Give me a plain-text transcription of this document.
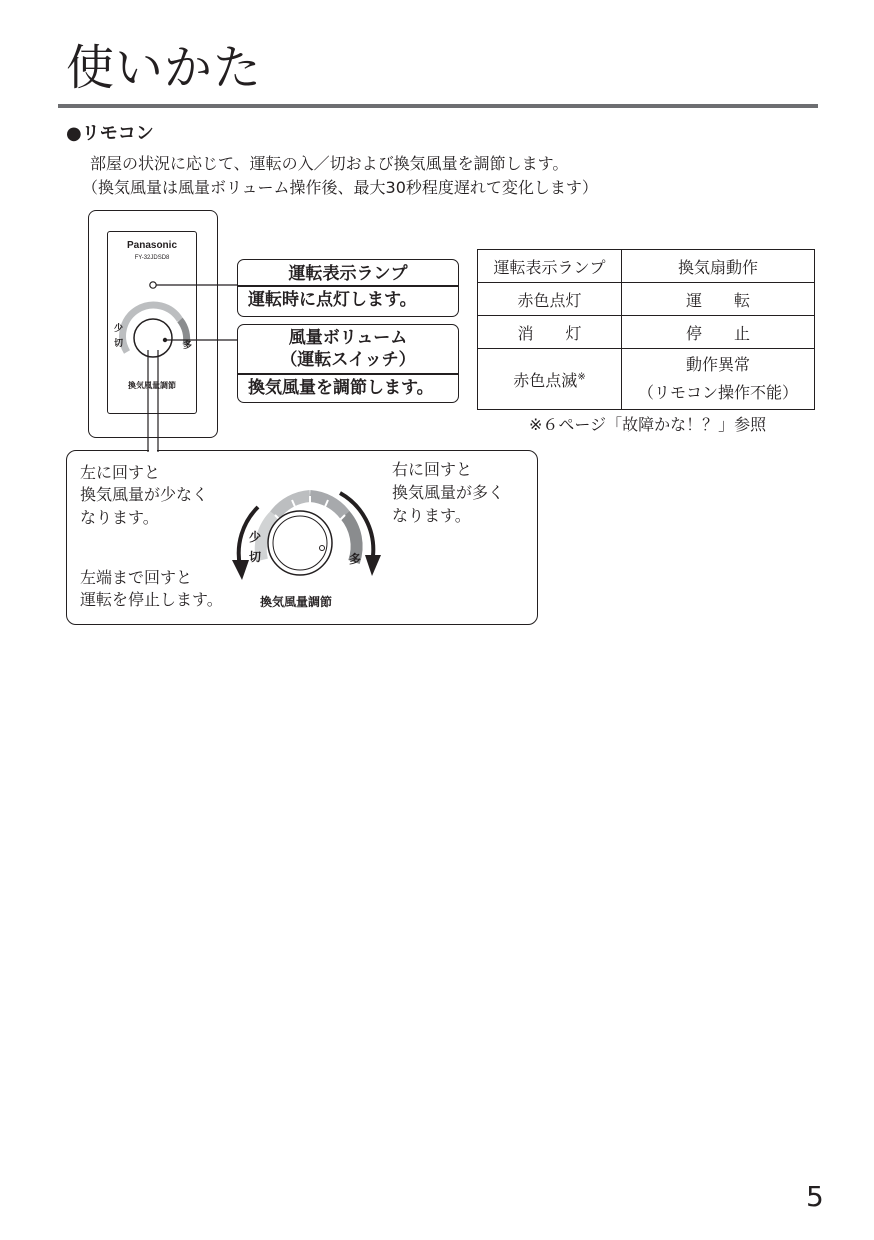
使いかた
●リモコン
部屋の状況に応じて、運転の入／切および換気風量を調節します。
（換気風量は風量ボリューム操作後、最大30秒程度遅れて変化します）
Panasonic
FY-32JDSD8
少
切	多
換気風量調節
運転表示ランプ
運転時に点灯します。
風量ボリューム
（運転スイッチ）
換気風量を調節します。
運転表示ランプ	換気扇動作
赤色点灯	運　　転
消　　灯	停　　止
赤色点滅※	動作異常
（リモコン操作不能）
※６ページ「故障かな！？」参照
左に回すと
換気風量が少なく
なります。
左端まで回すと
運転を停止します。
右に回すと
換気風量が多く
なります。
少
切	多
換気風量調節
5
